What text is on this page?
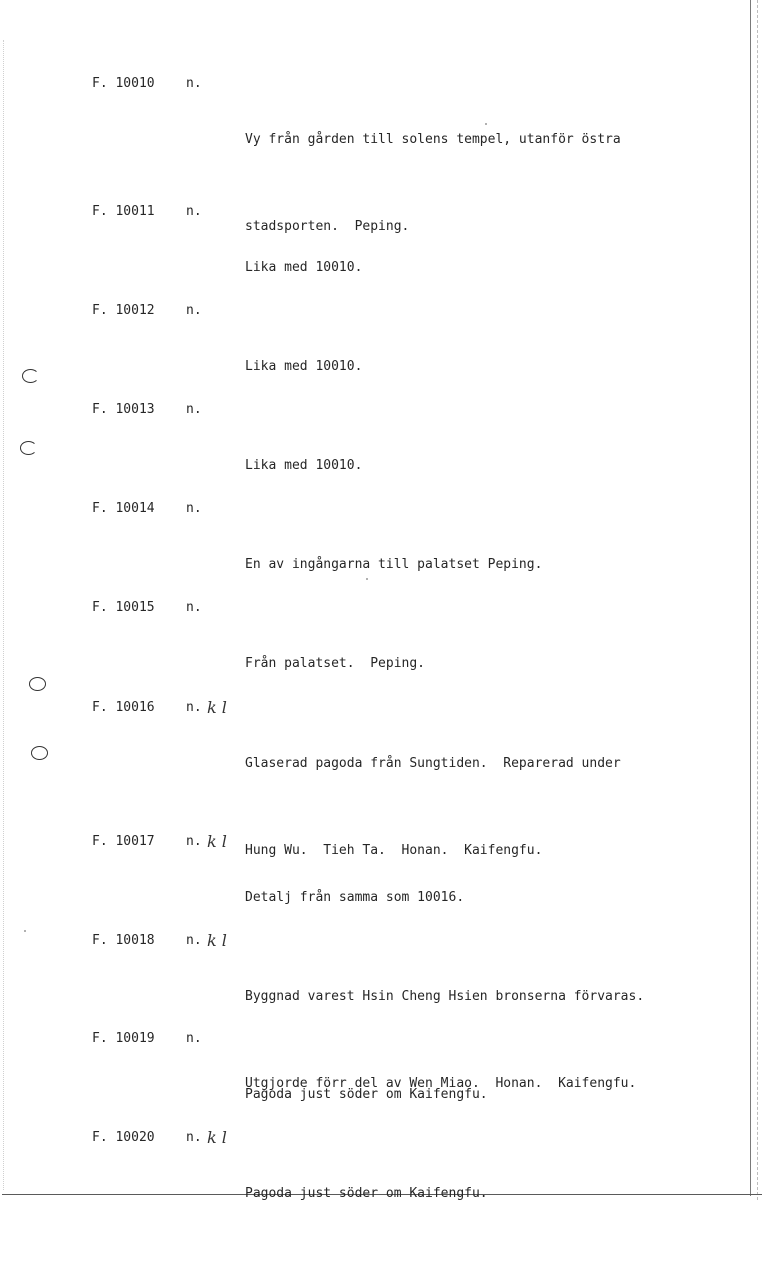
F. 10010 n.

Vy från gården till solens tempel, utanför östra

stadsporten.  Peping.

F. 10011 n.

Lika med 10010.

F. 10012 n.

Lika med 10010.

F. 10013 n.

Lika med 10010.

F. 10014 n.

En av ingångarna till palatset Peping.

F. 10015 n.

Från palatset.  Peping.

F. 10016 n. k l

Glaserad pagoda från Sungtiden.  Reparerad under

Hung Wu.  Tieh Ta.  Honan.  Kaifengfu.

F. 10017 n. k l

Detalj från samma som 10016.

F. 10018 n. k l

Byggnad varest Hsin Cheng Hsien bronserna förvaras.

Utgjorde förr del av Wen Miao.  Honan.  Kaifengfu.

F. 10019 n.

Pagoda just söder om Kaifengfu.

F. 10020 n. k l

Pagoda just söder om Kaifengfu.
